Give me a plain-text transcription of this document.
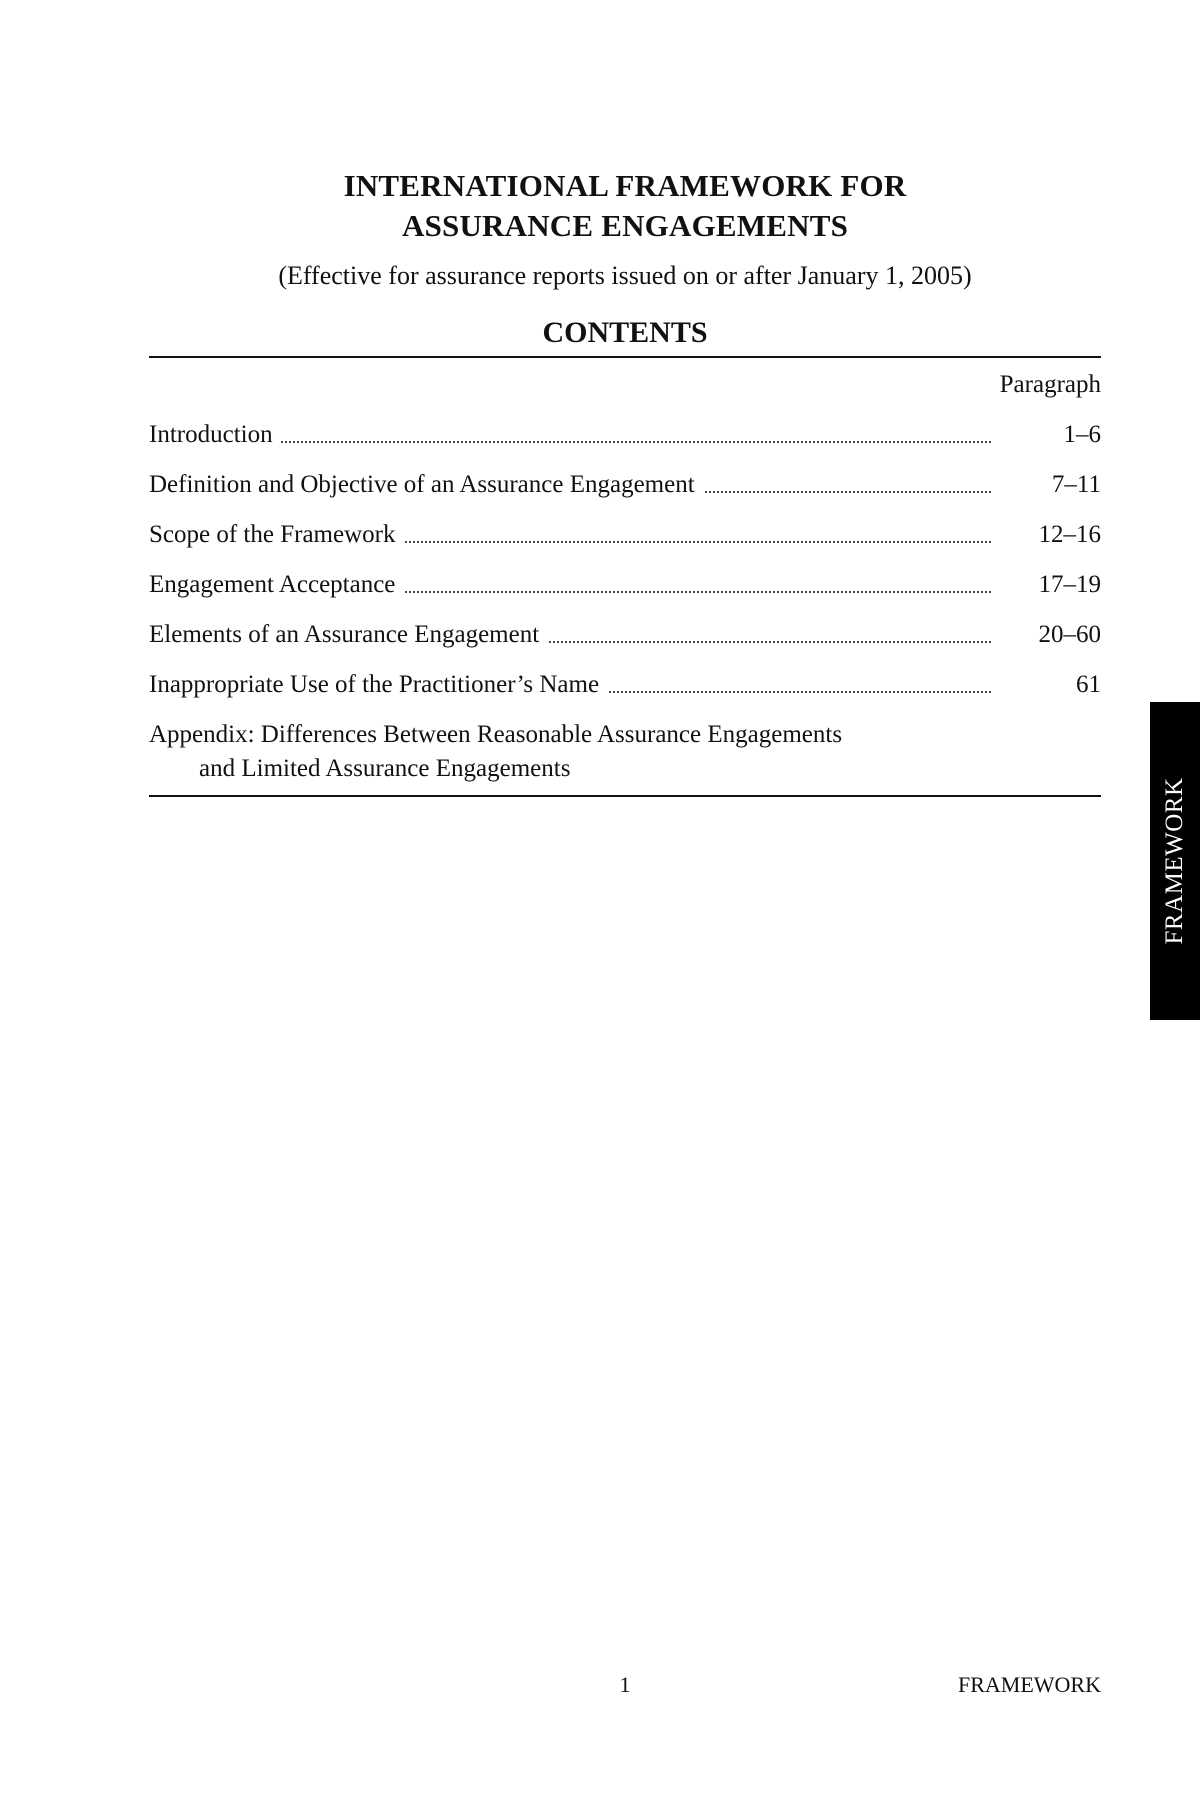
INTERNATIONAL FRAMEWORK FOR
ASSURANCE ENGAGEMENTS
(Effective for assurance reports issued on or after January 1, 2005)
CONTENTS
Paragraph
Introduction	1–6
Definition and Objective of an Assurance Engagement	7–11
Scope of the Framework	12–16
Engagement Acceptance	17–19
Elements of an Assurance Engagement	20–60
Inappropriate Use of the Practitioner’s Name	61
Appendix: Differences Between Reasonable Assurance Engagements
and Limited Assurance Engagements
FRAMEWORK
1	FRAMEWORK
